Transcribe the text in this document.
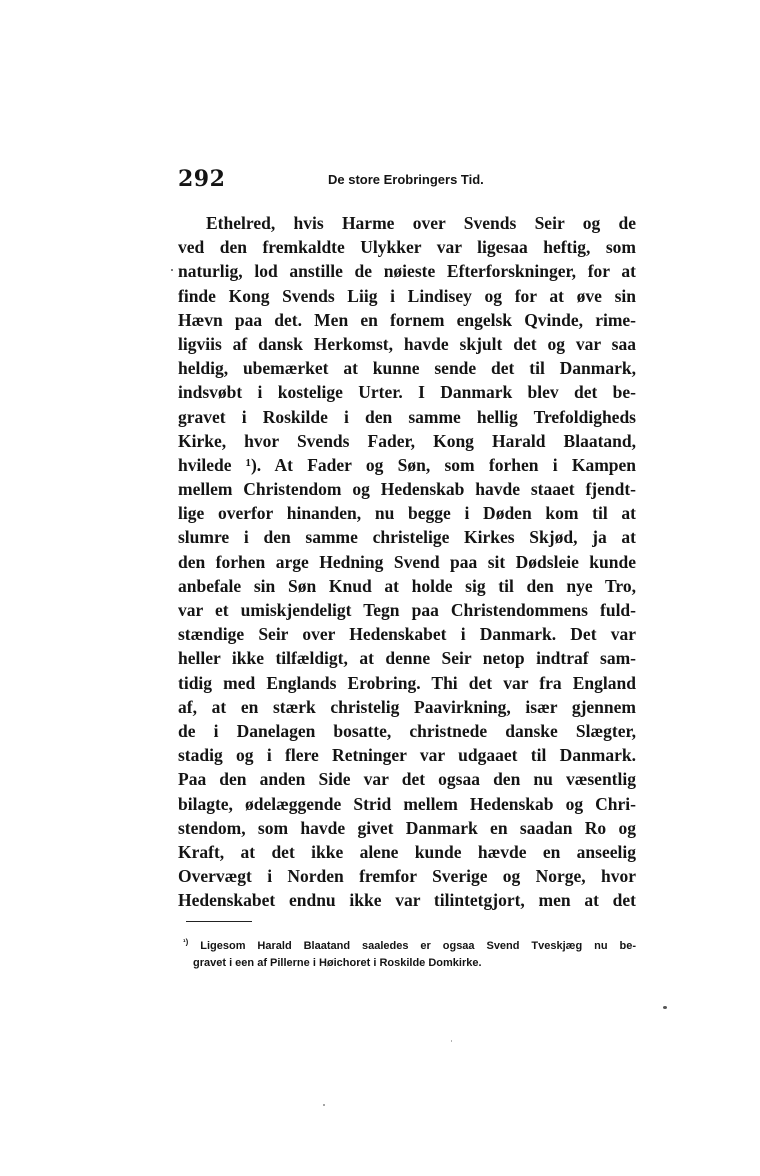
292	De store Erobringers Tid.
Ethelred, hvis Harme over Svends Seir og de
ved den fremkaldte Ulykker var ligesaa heftig, som
naturlig, lod anstille de nøieste Efterforskninger, for at
finde Kong Svends Liig i Lindisey og for at øve sin
Hævn paa det. Men en fornem engelsk Qvinde, rime-
ligviis af dansk Herkomst, havde skjult det og var saa
heldig, ubemærket at kunne sende det til Danmark,
indsvøbt i kostelige Urter. I Danmark blev det be-
gravet i Roskilde i den samme hellig Trefoldigheds
Kirke, hvor Svends Fader, Kong Harald Blaatand,
hvilede ¹). At Fader og Søn, som forhen i Kampen
mellem Christendom og Hedenskab havde staaet fjendt-
lige overfor hinanden, nu begge i Døden kom til at
slumre i den samme christelige Kirkes Skjød, ja at
den forhen arge Hedning Svend paa sit Dødsleie kunde
anbefale sin Søn Knud at holde sig til den nye Tro,
var et umiskjendeligt Tegn paa Christendommens fuld-
stændige Seir over Hedenskabet i Danmark. Det var
heller ikke tilfældigt, at denne Seir netop indtraf sam-
tidig med Englands Erobring. Thi det var fra England
af, at en stærk christelig Paavirkning, især gjennem
de i Danelagen bosatte, christnede danske Slægter,
stadig og i flere Retninger var udgaaet til Danmark.
Paa den anden Side var det ogsaa den nu væsentlig
bilagte, ødelæggende Strid mellem Hedenskab og Chri-
stendom, som havde givet Danmark en saadan Ro og
Kraft, at det ikke alene kunde hævde en anseelig
Overvægt i Norden fremfor Sverige og Norge, hvor
Hedenskabet endnu ikke var tilintetgjort, men at det
$^{^1)}$ Ligesom Harald Blaatand saaledes er ogsaa Svend Tveskjæg nu be-
gravet i een af Pillerne i Høichoret i Roskilde Domkirke.
